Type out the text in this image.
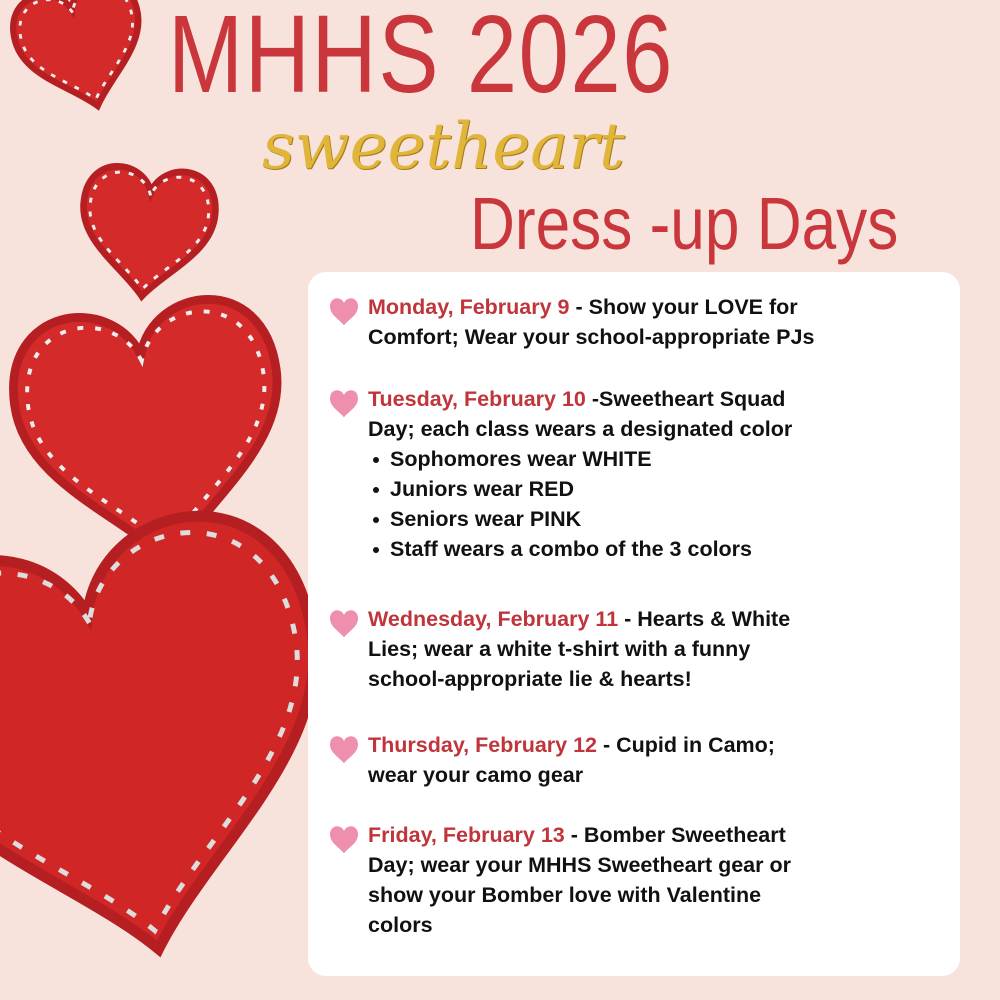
MHHS 2026
sweetheart
Dress -up Days
Monday, February 9 - Show your LOVE for
Comfort; Wear your school-appropriate PJs
Tuesday, February 10 -Sweetheart Squad
Day; each class wears a designated color
Sophomores wear WHITE
Juniors wear RED
Seniors wear PINK
Staff wears a combo of the 3 colors
Wednesday, February 11 - Hearts & White
Lies; wear a white t-shirt with a funny
school-appropriate lie & hearts!
Thursday, February 12 - Cupid in Camo;
wear your camo gear
Friday, February 13 - Bomber Sweetheart
Day; wear your MHHS Sweetheart gear or
show your Bomber love with Valentine
colors
